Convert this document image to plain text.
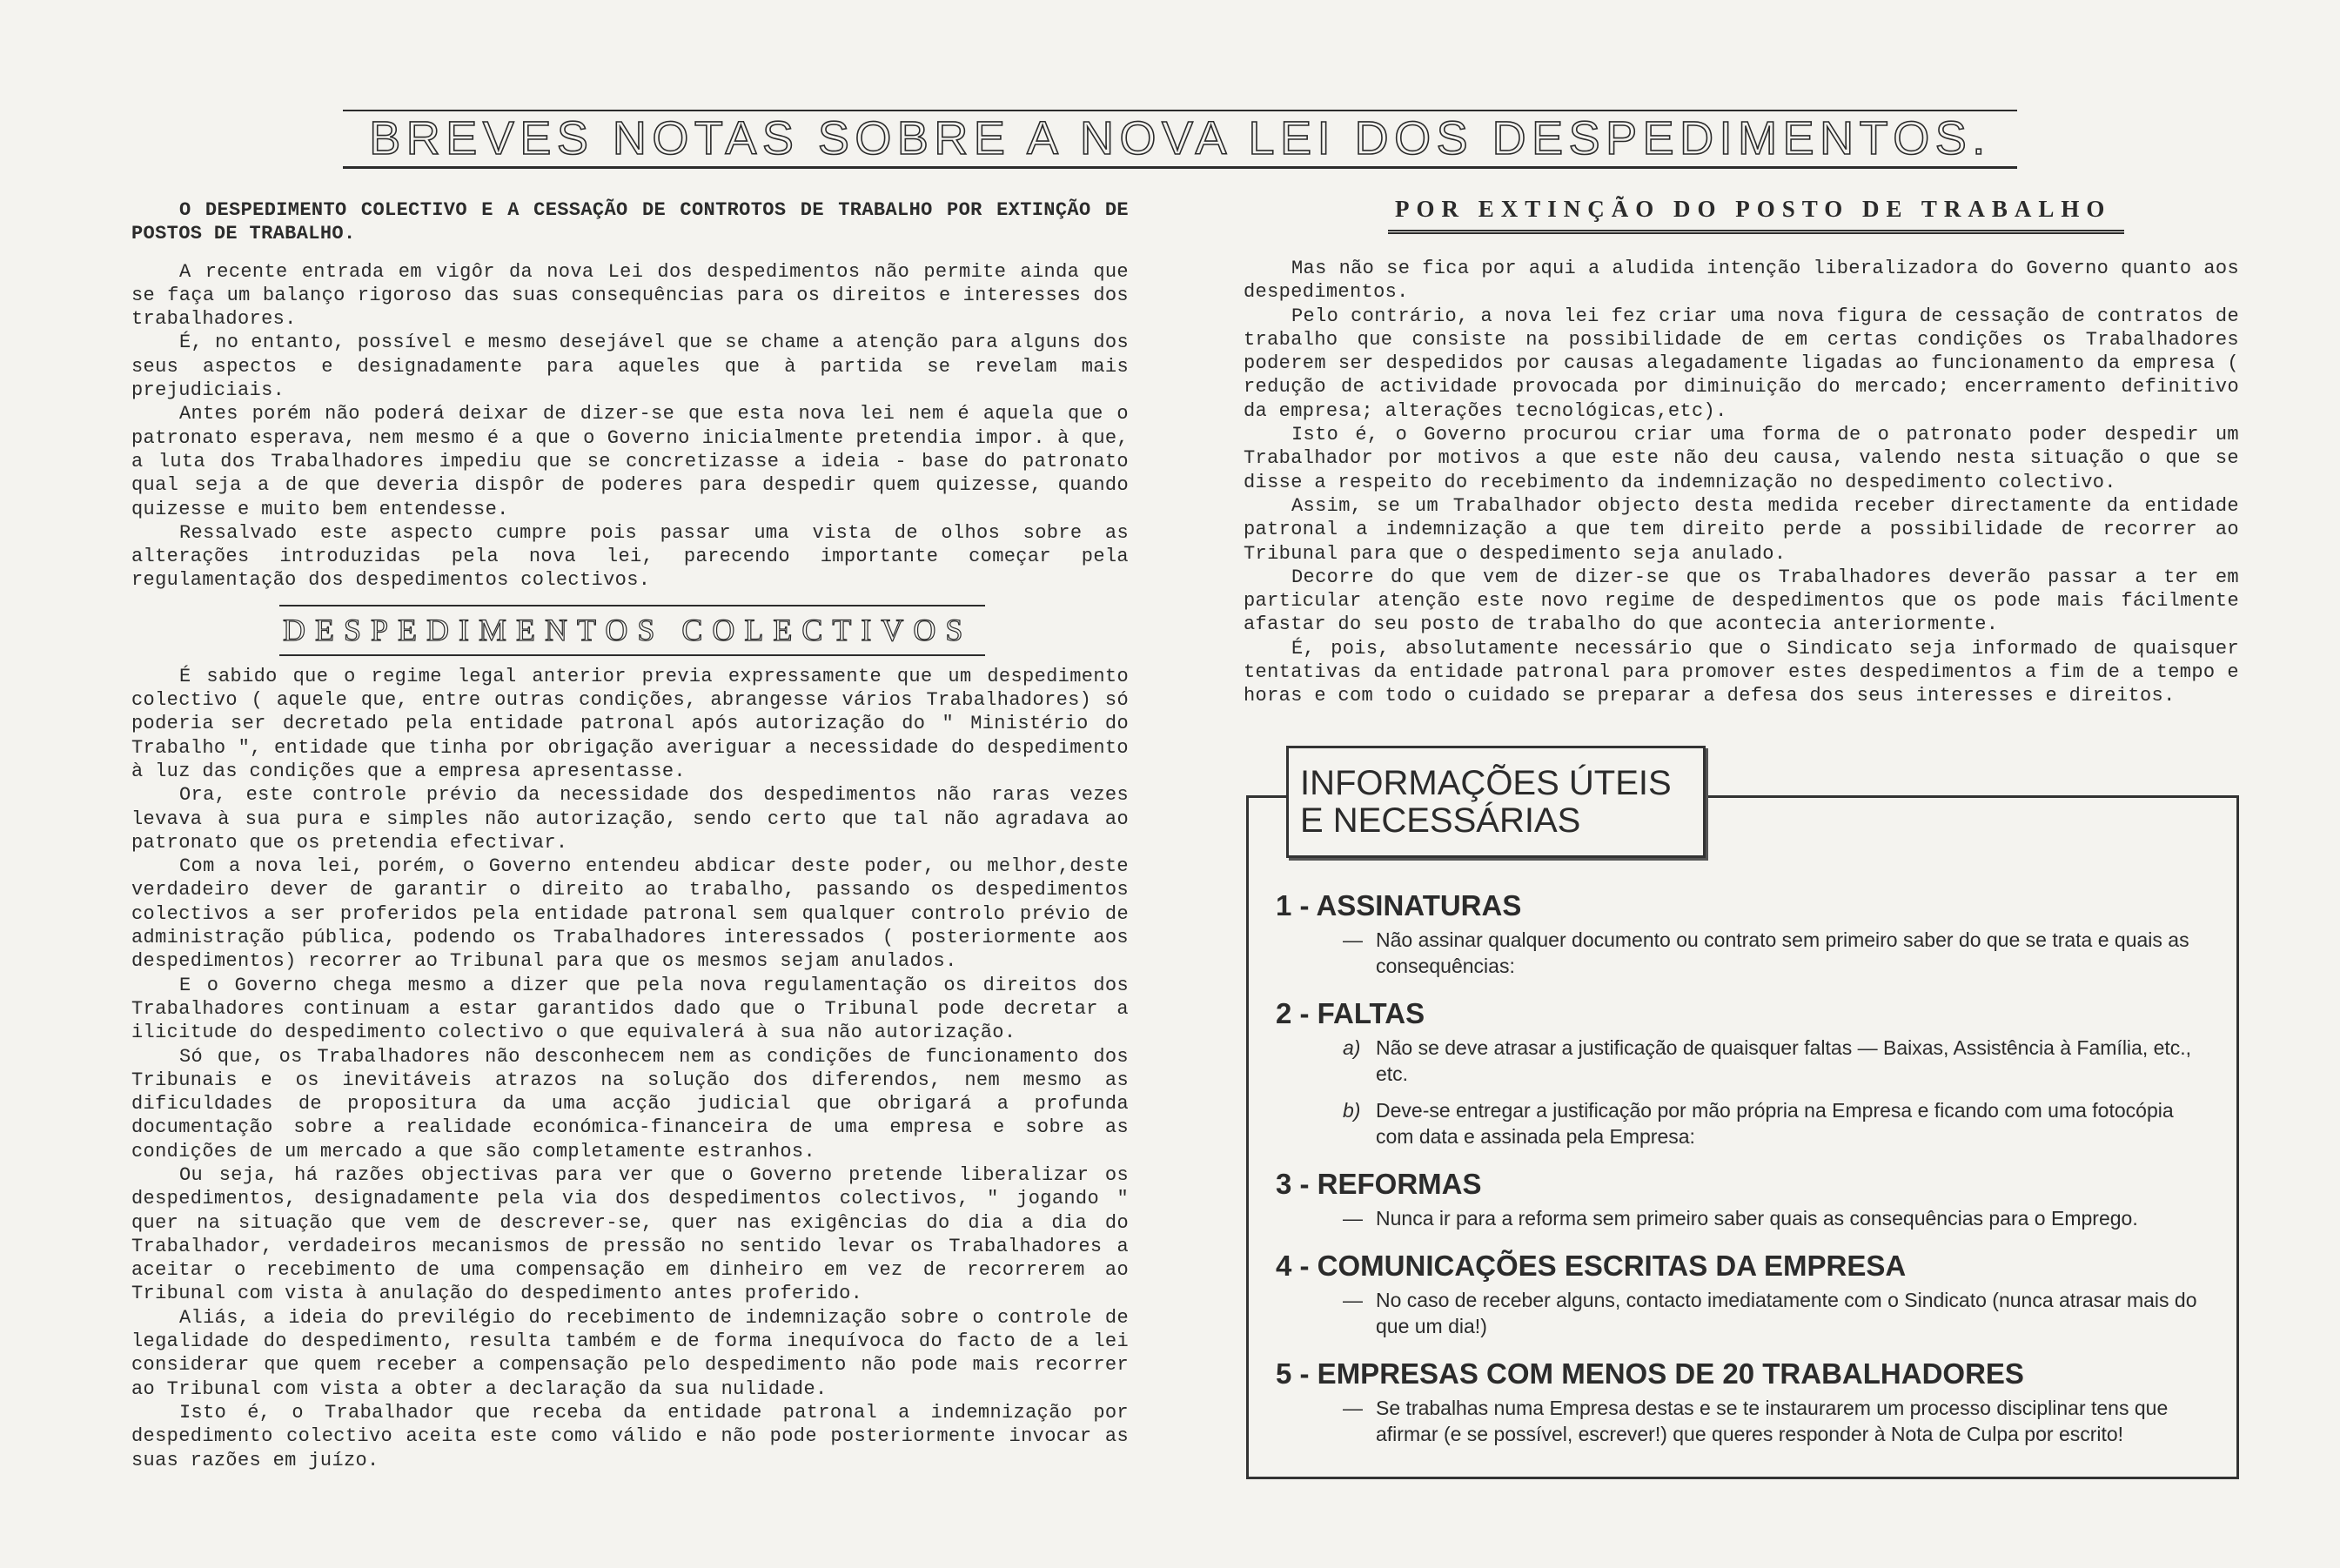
BREVES NOTAS SOBRE A NOVA LEI DOS DESPEDIMENTOS.

O DESPEDIMENTO COLECTIVO E A CESSAÇÃO DE CONTROTOS DE TRABALHO POR EXTINÇÃO DE POSTOS DE TRABALHO.

A recente entrada em vigôr da nova Lei dos despedimentos não permite ainda que se faça um balanço rigoroso das suas consequências para os direitos e interesses dos trabalhadores.

É, no entanto, possível e mesmo desejável que se chame a atenção para alguns dos seus aspectos e designadamente para aqueles que à partida se revelam mais prejudiciais.

Antes porém não poderá deixar de dizer-se que esta nova lei nem é aquela que o patronato esperava, nem mesmo é a que o Governo inicialmente pretendia impor. à que, a luta dos Trabalhadores impediu que se concretizasse a ideia - base do patronato qual seja a de que deveria dispôr de poderes para despedir quem quizesse, quando quizesse e muito bem entendesse.

Ressalvado este aspecto cumpre pois passar uma vista de olhos sobre as alterações introduzidas pela nova lei, parecendo importante começar pela regulamentação dos despedimentos colectivos.

DESPEDIMENTOS COLECTIVOS

É sabido que o regime legal anterior previa expressamente que um despedimento colectivo ( aquele que, entre outras condições, abrangesse vários Trabalhadores) só poderia ser decretado pela entidade patronal após autorização do " Ministério do Trabalho ", entidade que tinha por obrigação averiguar a necessidade do despedimento à luz das condições que a empresa apresentasse.

Ora, este controle prévio da necessidade dos despedimentos não raras vezes levava à sua pura e simples não autorização, sendo certo que tal não agradava ao patronato que os pretendia efectivar.

Com a nova lei, porém, o Governo entendeu abdicar deste poder, ou melhor,deste verdadeiro dever de garantir o direito ao trabalho, passando os despedimentos colectivos a ser proferidos pela entidade patronal sem qualquer controlo prévio de administração pública, podendo os Trabalhadores interessados ( posteriormente aos despedimentos) recorrer ao Tribunal para que os mesmos sejam anulados.

E o Governo chega mesmo a dizer que pela nova regulamentação os direitos dos Trabalhadores continuam a estar garantidos dado que o Tribunal pode decretar a ilicitude do despedimento colectivo o que equivalerá à sua não autorização.

Só que, os Trabalhadores não desconhecem nem as condições de funcionamento dos Tribunais e os inevitáveis atrazos na solução dos diferendos, nem mesmo as dificuldades de propositura da uma acção judicial que obrigará a profunda documentação sobre a realidade económica-financeira de uma empresa e sobre as condições de um mercado a que são completamente estranhos.

Ou seja, há razões objectivas para ver que o Governo pretende liberalizar os despedimentos, designadamente pela via dos despedimentos colectivos, " jogando " quer na situação que vem de descrever-se, quer nas exigências do dia a dia do Trabalhador, verdadeiros mecanismos de pressão no sentido levar os Trabalhadores a aceitar o recebimento de uma compensação em dinheiro em vez de recorrerem ao Tribunal com vista à anulação do despedimento antes proferido.

Aliás, a ideia do previlégio do recebimento de indemnização sobre o controle de legalidade do despedimento, resulta também e de forma inequívoca do facto de a lei considerar que quem receber a compensação pelo despedimento não pode mais recorrer ao Tribunal com vista a obter a declaração da sua nulidade.

Isto é, o Trabalhador que receba da entidade patronal a indemnização por despedimento colectivo aceita este como válido e não pode posteriormente invocar as suas razões em juízo.

POR EXTINÇÃO DO POSTO DE TRABALHO

Mas não se fica por aqui a aludida intenção liberalizadora do Governo quanto aos despedimentos.

Pelo contrário, a nova lei fez criar uma nova figura de cessação de contratos de trabalho que consiste na possibilidade de em certas condições os Trabalhadores poderem ser despedidos por causas alegadamente ligadas ao funcionamento da empresa ( redução de actividade provocada por diminuição do mercado; encerramento definitivo da empresa; alterações tecnológicas,etc).

Isto é, o Governo procurou criar uma forma de o patronato poder despedir um Trabalhador por motivos a que este não deu causa, valendo nesta situação o que se disse a respeito do recebimento da indemnização no despedimento colectivo.

Assim, se um Trabalhador objecto desta medida receber directamente da entidade patronal a indemnização a que tem direito perde a possibilidade de recorrer ao Tribunal para que o despedimento seja anulado.

Decorre do que vem de dizer-se que os Trabalhadores deverão passar a ter em particular atenção este novo regime de despedimentos que os pode mais fácilmente afastar do seu posto de trabalho do que acontecia anteriormente.

É, pois, absolutamente necessário que o Sindicato seja informado de quaisquer tentativas da entidade patronal para promover estes despedimentos a fim de a tempo e horas e com todo o cuidado se preparar a defesa dos seus interesses e direitos.

INFORMAÇÕES ÚTEIS
E NECESSÁRIAS
1 - ASSINATURAS
— Não assinar qualquer documento ou contrato sem primeiro saber do que se trata e quais as consequências:
2 - FALTAS
a) Não se deve atrasar a justificação de quaisquer faltas — Baixas, Assistência à Família, etc., etc.
b) Deve-se entregar a justificação por mão própria na Empresa e ficando com uma fotocópia com data e assinada pela Empresa:
3 - REFORMAS
— Nunca ir para a reforma sem primeiro saber quais as consequências para o Emprego.
4 - COMUNICAÇÕES ESCRITAS DA EMPRESA
— No caso de receber alguns, contacto imediatamente com o Sindicato (nunca atrasar mais do que um dia!)
5 - EMPRESAS COM MENOS DE 20 TRABALHADORES
— Se trabalhas numa Empresa destas e se te instaurarem um processo disciplinar tens que afirmar (e se possível, escrever!) que queres responder à Nota de Culpa por escrito!
